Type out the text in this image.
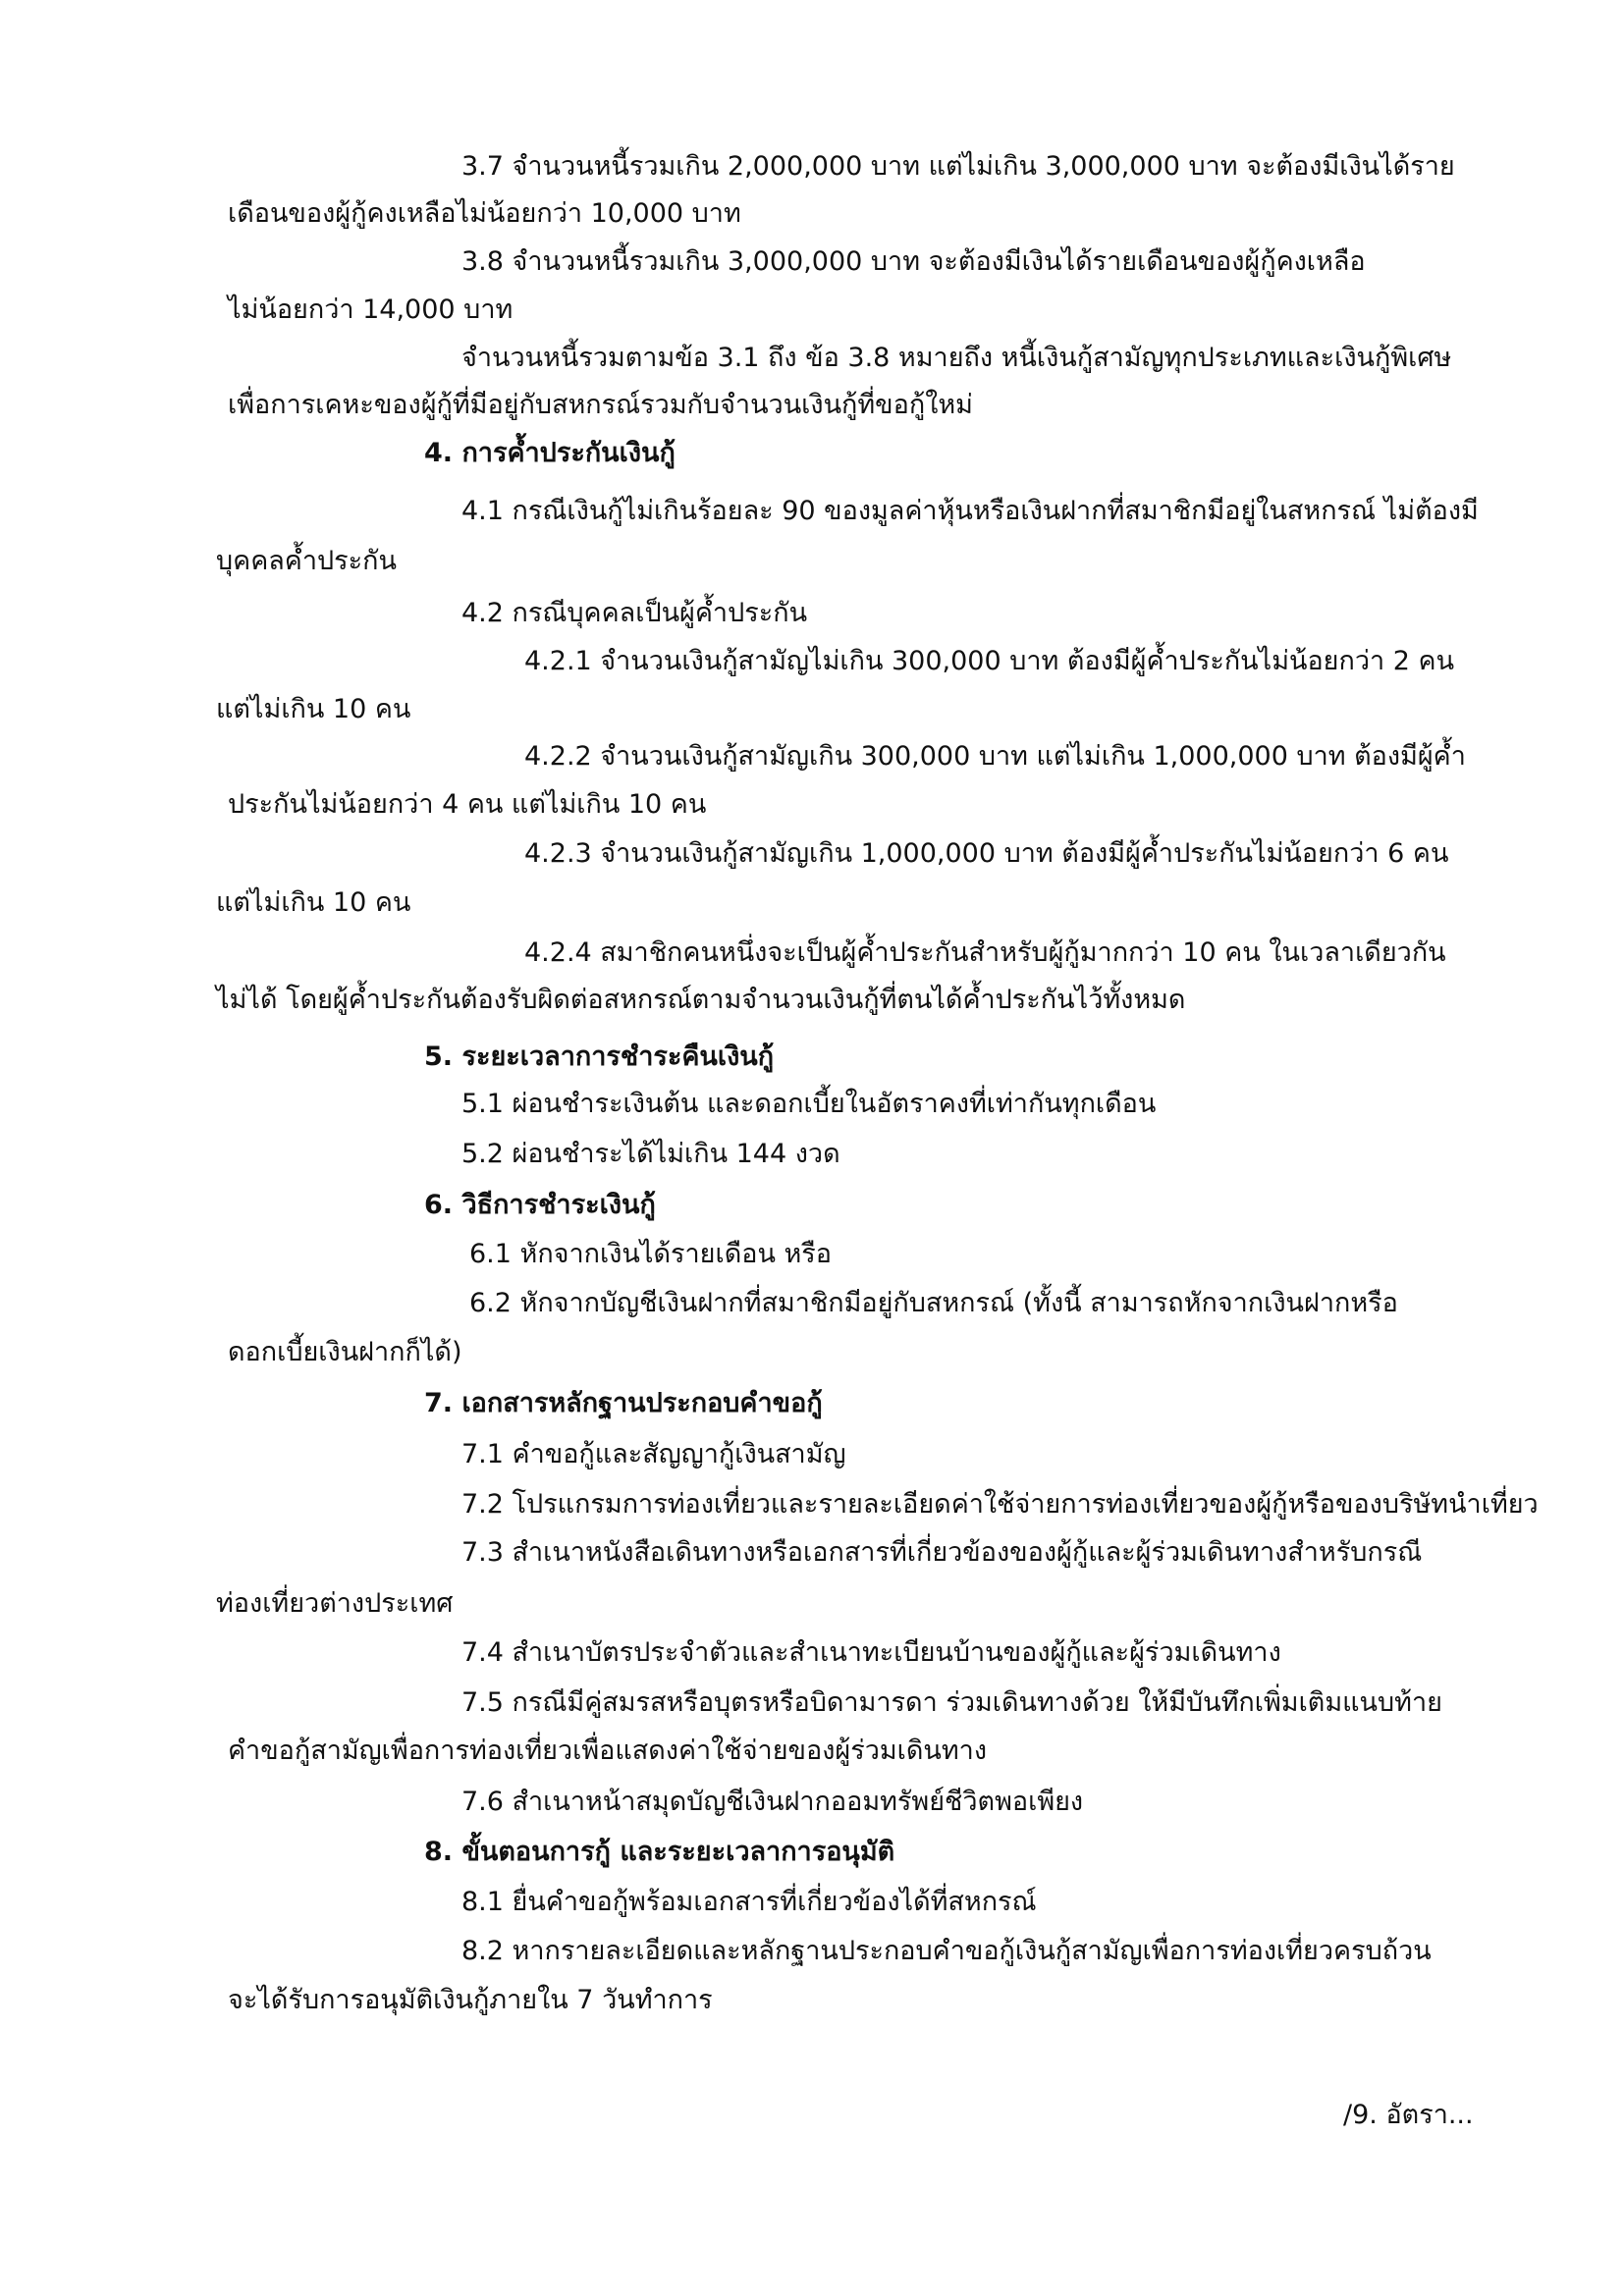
3.7 จำนวนหนี้รวมเกิน 2,000,000 บาท แต่ไม่เกิน 3,000,000 บาท จะต้องมีเงินได้ราย
เดือนของผู้กู้คงเหลือไม่น้อยกว่า 10,000 บาท
3.8 จำนวนหนี้รวมเกิน 3,000,000 บาท จะต้องมีเงินได้รายเดือนของผู้กู้คงเหลือ
ไม่น้อยกว่า 14,000 บาท
จำนวนหนี้รวมตามข้อ 3.1 ถึง ข้อ 3.8 หมายถึง หนี้เงินกู้สามัญทุกประเภทและเงินกู้พิเศษ
เพื่อการเคหะของผู้กู้ที่มีอยู่กับสหกรณ์รวมกับจำนวนเงินกู้ที่ขอกู้ใหม่
4. การค้ำประกันเงินกู้
4.1 กรณีเงินกู้ไม่เกินร้อยละ 90 ของมูลค่าหุ้นหรือเงินฝากที่สมาชิกมีอยู่ในสหกรณ์ ไม่ต้องมี
บุคคลค้ำประกัน
4.2 กรณีบุคคลเป็นผู้ค้ำประกัน
4.2.1 จำนวนเงินกู้สามัญไม่เกิน 300,000 บาท ต้องมีผู้ค้ำประกันไม่น้อยกว่า 2 คน
แต่ไม่เกิน 10 คน
4.2.2 จำนวนเงินกู้สามัญเกิน 300,000 บาท แต่ไม่เกิน 1,000,000 บาท ต้องมีผู้ค้ำ
ประกันไม่น้อยกว่า 4 คน แต่ไม่เกิน 10 คน
4.2.3 จำนวนเงินกู้สามัญเกิน 1,000,000 บาท ต้องมีผู้ค้ำประกันไม่น้อยกว่า 6 คน
แต่ไม่เกิน 10 คน
4.2.4 สมาชิกคนหนึ่งจะเป็นผู้ค้ำประกันสำหรับผู้กู้มากกว่า 10 คน ในเวลาเดียวกัน
ไม่ได้ โดยผู้ค้ำประกันต้องรับผิดต่อสหกรณ์ตามจำนวนเงินกู้ที่ตนได้ค้ำประกันไว้ทั้งหมด
5. ระยะเวลาการชำระคืนเงินกู้
5.1 ผ่อนชำระเงินต้น และดอกเบี้ยในอัตราคงที่เท่ากันทุกเดือน
5.2 ผ่อนชำระได้ไม่เกิน 144 งวด
6. วิธีการชำระเงินกู้
6.1 หักจากเงินได้รายเดือน หรือ
6.2 หักจากบัญชีเงินฝากที่สมาชิกมีอยู่กับสหกรณ์ (ทั้งนี้ สามารถหักจากเงินฝากหรือ
ดอกเบี้ยเงินฝากก็ได้)
7. เอกสารหลักฐานประกอบคำขอกู้
7.1 คำขอกู้และสัญญากู้เงินสามัญ
7.2 โปรแกรมการท่องเที่ยวและรายละเอียดค่าใช้จ่ายการท่องเที่ยวของผู้กู้หรือของบริษัทนำเที่ยว
7.3 สำเนาหนังสือเดินทางหรือเอกสารที่เกี่ยวข้องของผู้กู้และผู้ร่วมเดินทางสำหรับกรณี
ท่องเที่ยวต่างประเทศ
7.4 สำเนาบัตรประจำตัวและสำเนาทะเบียนบ้านของผู้กู้และผู้ร่วมเดินทาง
7.5 กรณีมีคู่สมรสหรือบุตรหรือบิดามารดา ร่วมเดินทางด้วย ให้มีบันทึกเพิ่มเติมแนบท้าย
คำขอกู้สามัญเพื่อการท่องเที่ยวเพื่อแสดงค่าใช้จ่ายของผู้ร่วมเดินทาง
7.6 สำเนาหน้าสมุดบัญชีเงินฝากออมทรัพย์ชีวิตพอเพียง
8. ขั้นตอนการกู้ และระยะเวลาการอนุมัติ
8.1 ยื่นคำขอกู้พร้อมเอกสารที่เกี่ยวข้องได้ที่สหกรณ์
8.2 หากรายละเอียดและหลักฐานประกอบคำขอกู้เงินกู้สามัญเพื่อการท่องเที่ยวครบถ้วน
จะได้รับการอนุมัติเงินกู้ภายใน 7 วันทำการ
/9. อัตรา...
